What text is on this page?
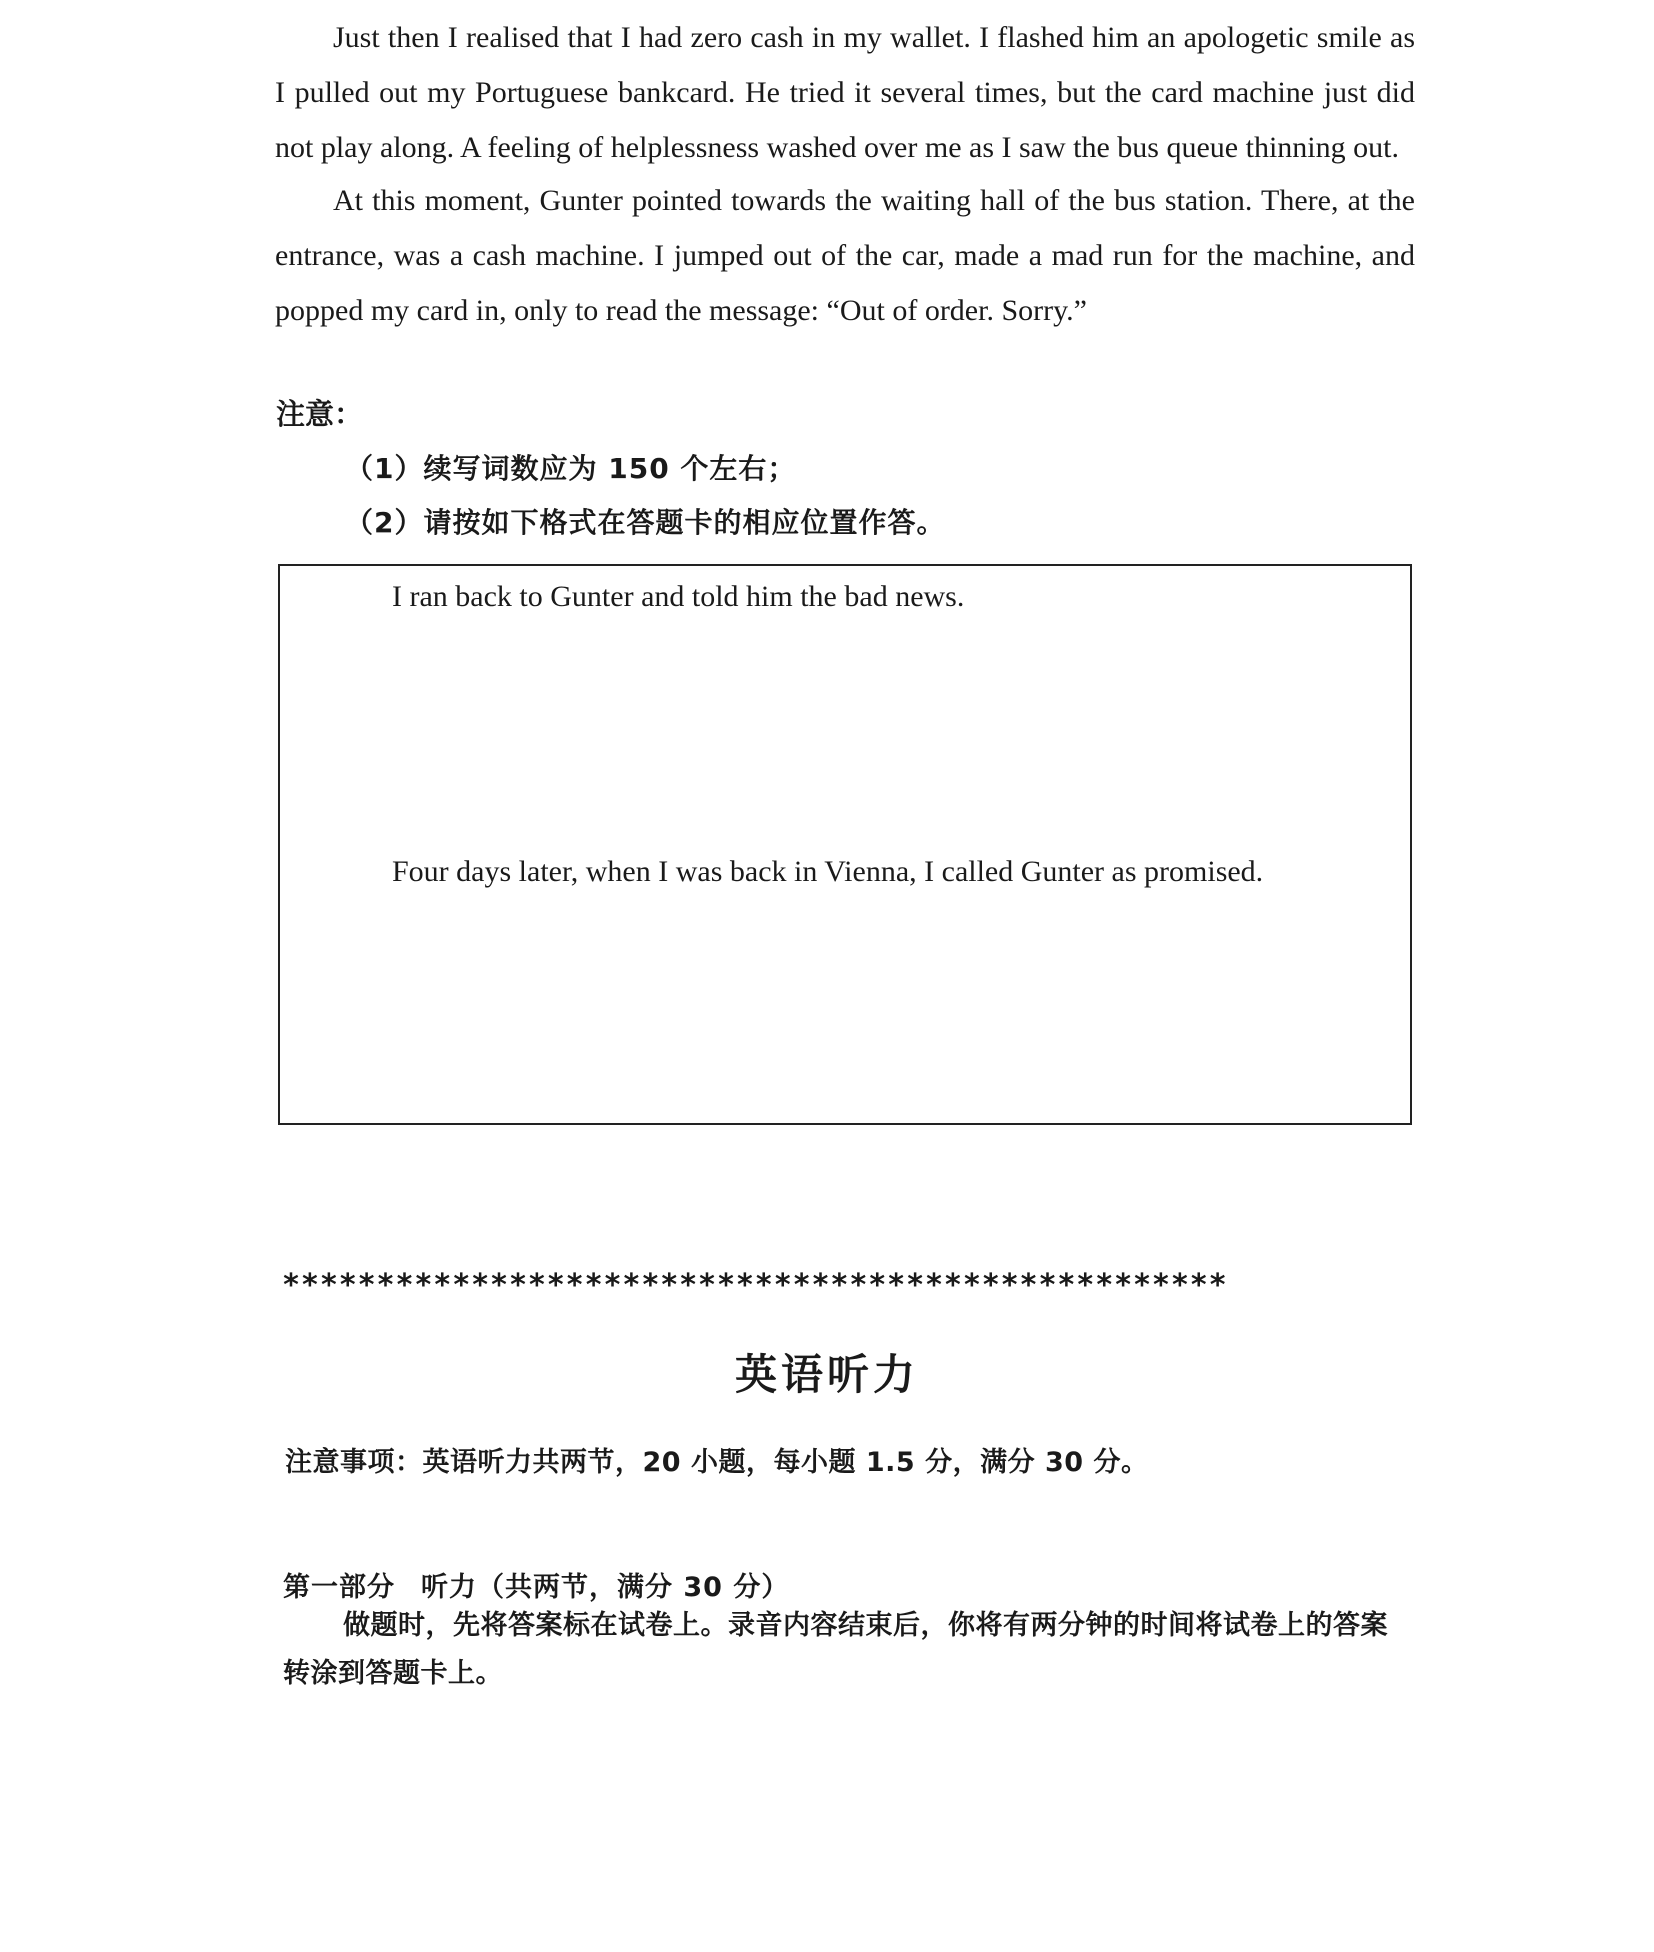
Just then I realised that I had zero cash in my wallet. I flashed him an apologetic smile as I pulled out my Portuguese bankcard. He tried it several times, but the card machine just did not play along. A feeling of helplessness washed over me as I saw the bus queue thinning out.

At this moment, Gunter pointed towards the waiting hall of the bus station. There, at the entrance, was a cash machine. I jumped out of the car, made a mad run for the machine, and popped my card in, only to read the message: “Out of order. Sorry.”

注意：

（1）续写词数应为 150 个左右；
（2）请按如下格式在答题卡的相应位置作答。

I ran back to Gunter and told him the bad news.

Four days later, when I was back in Vienna, I called Gunter as promised.

**************************************************
英语听力

注意事项：英语听力共两节，20 小题，每小题 1.5 分，满分 30 分。

第一部分 听力（共两节，满分 30 分）

做题时，先将答案标在试卷上。录音内容结束后，你将有两分钟的时间将试卷上的答案转涂到答题卡上。
